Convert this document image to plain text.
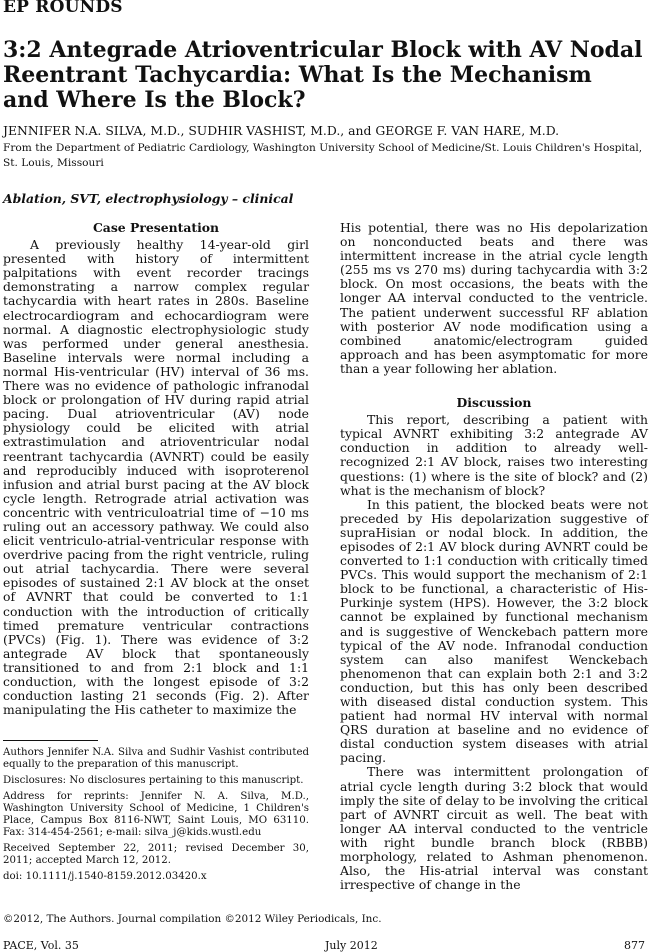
EP ROUNDS
3:2 Antegrade Atrioventricular Block with AV Nodal Reentrant Tachycardia: What Is the Mechanism and Where Is the Block?
JENNIFER N.A. SILVA, M.D., SUDHIR VASHIST, M.D., and GEORGE F. VAN HARE, M.D.
From the Department of Pediatric Cardiology, Washington University School of Medicine/St. Louis Children's Hospital, St. Louis, Missouri
Ablation, SVT, electrophysiology – clinical
Case Presentation

A previously healthy 14-year-old girl presented with history of intermittent palpitations with event recorder tracings demonstrating a narrow complex regular tachycardia with heart rates in 280s. Baseline electrocardiogram and echocardiogram were normal. A diagnostic electrophysiologic study was performed under general anesthesia. Baseline intervals were normal including a normal His-ventricular (HV) interval of 36 ms. There was no evidence of pathologic infranodal block or prolongation of HV during rapid atrial pacing. Dual atrioventricular (AV) node physiology could be elicited with atrial extrastimulation and atrioventricular nodal reentrant tachycardia (AVNRT) could be easily and reproducibly induced with isoproterenol infusion and atrial burst pacing at the AV block cycle length. Retrograde atrial activation was concentric with ventriculoatrial time of −10 ms ruling out an accessory pathway. We could also elicit ventriculo-atrial-ventricular response with overdrive pacing from the right ventricle, ruling out atrial tachycardia. There were several episodes of sustained 2:1 AV block at the onset of AVNRT that could be converted to 1:1 conduction with the introduction of critically timed premature ventricular contractions (PVCs) (Fig. 1). There was evidence of 3:2 antegrade AV block that spontaneously transitioned to and from 2:1 block and 1:1 conduction, with the longest episode of 3:2 conduction lasting 21 seconds (Fig. 2). After manipulating the His catheter to maximize the

His potential, there was no His depolarization on nonconducted beats and there was intermittent increase in the atrial cycle length (255 ms vs 270 ms) during tachycardia with 3:2 block. On most occasions, the beats with the longer AA interval conducted to the ventricle. The patient underwent successful RF ablation with posterior AV node modification using a combined anatomic/electrogram guided approach and has been asymptomatic for more than a year following her ablation.

Discussion

This report, describing a patient with typical AVNRT exhibiting 3:2 antegrade AV conduction in addition to already well-recognized 2:1 AV block, raises two interesting questions: (1) where is the site of block? and (2) what is the mechanism of block?

In this patient, the blocked beats were not preceded by His depolarization suggestive of supraHisian or nodal block. In addition, the episodes of 2:1 AV block during AVNRT could be converted to 1:1 conduction with critically timed PVCs. This would support the mechanism of 2:1 block to be functional, a characteristic of His-Purkinje system (HPS). However, the 3:2 block cannot be explained by functional mechanism and is suggestive of Wenckebach pattern more typical of the AV node. Infranodal conduction system can also manifest Wenckebach phenomenon that can explain both 2:1 and 3:2 conduction, but this has only been described with diseased distal conduction system. This patient had normal HV interval with normal QRS duration at baseline and no evidence of distal conduction system diseases with atrial pacing.

There was intermittent prolongation of atrial cycle length during 3:2 block that would imply the site of delay to be involving the critical part of AVNRT circuit as well. The beat with longer AA interval conducted to the ventricle with right bundle branch block (RBBB) morphology, related to Ashman phenomenon. Also, the His-atrial interval was constant irrespective of change in the

Authors Jennifer N.A. Silva and Sudhir Vashist contributed equally to the preparation of this manuscript.

Disclosures: No disclosures pertaining to this manuscript.

Address for reprints: Jennifer N. A. Silva, M.D., Washington University School of Medicine, 1 Children's Place, Campus Box 8116-NWT, Saint Louis, MO 63110. Fax: 314-454-2561; e-mail: silva_j@kids.wustl.edu

Received September 22, 2011; revised December 30, 2011; accepted March 12, 2012.

doi: 10.1111/j.1540-8159.2012.03420.x

©2012, The Authors. Journal compilation ©2012 Wiley Periodicals, Inc.
PACE, Vol. 35	July 2012	877
